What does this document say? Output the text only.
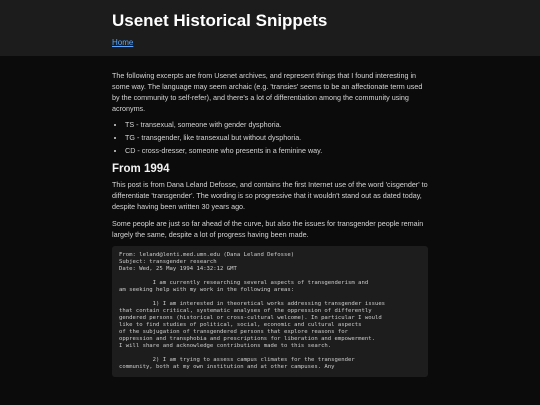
Usenet Historical Snippets
Home

The following excerpts are from Usenet archives, and represent things that I found interesting in some way. The language may seem archaic (e.g. 'transies' seems to be an affectionate term used by the community to self-refer), and there's a lot of differentiation among the community using acronyms.

• TS - transexual, someone with gender dysphoria.
• TG - transgender, like transexual but without dysphoria.
• CD - cross-dresser, someone who presents in a feminine way.
From 1994

This post is from Dana Leland Defosse, and contains the first Internet use of the word 'cisgender' to differentiate 'transgender'. The wording is so progressive that it wouldn't stand out as dated today, despite having been written 30 years ago.

Some people are just so far ahead of the curve, but also the issues for transgender people remain largely the same, despite a lot of progress having been made.

From: leland@lenti.med.umn.edu (Dana Leland Defosse)
Subject: transgender research
Date: Wed, 25 May 1994 14:32:12 GMT

I am currently researching several aspects of transgenderism and
am seeking help with my work in the following areas:

1) I am interested in theoretical works addressing transgender issues
that contain critical, systematic analyses of the oppression of differently
gendered persons (historical or cross-cultural welcome). In particular I would
like to find studies of political, social, economic and cultural aspects
of the subjugation of transgendered persons that explore reasons for
oppression and transphobia and prescriptions for liberation and empowerment.
I will share and acknowledge contributions made to this search.

2) I am trying to assess campus climates for the transgender
community, both at my own institution and at other campuses. Any
